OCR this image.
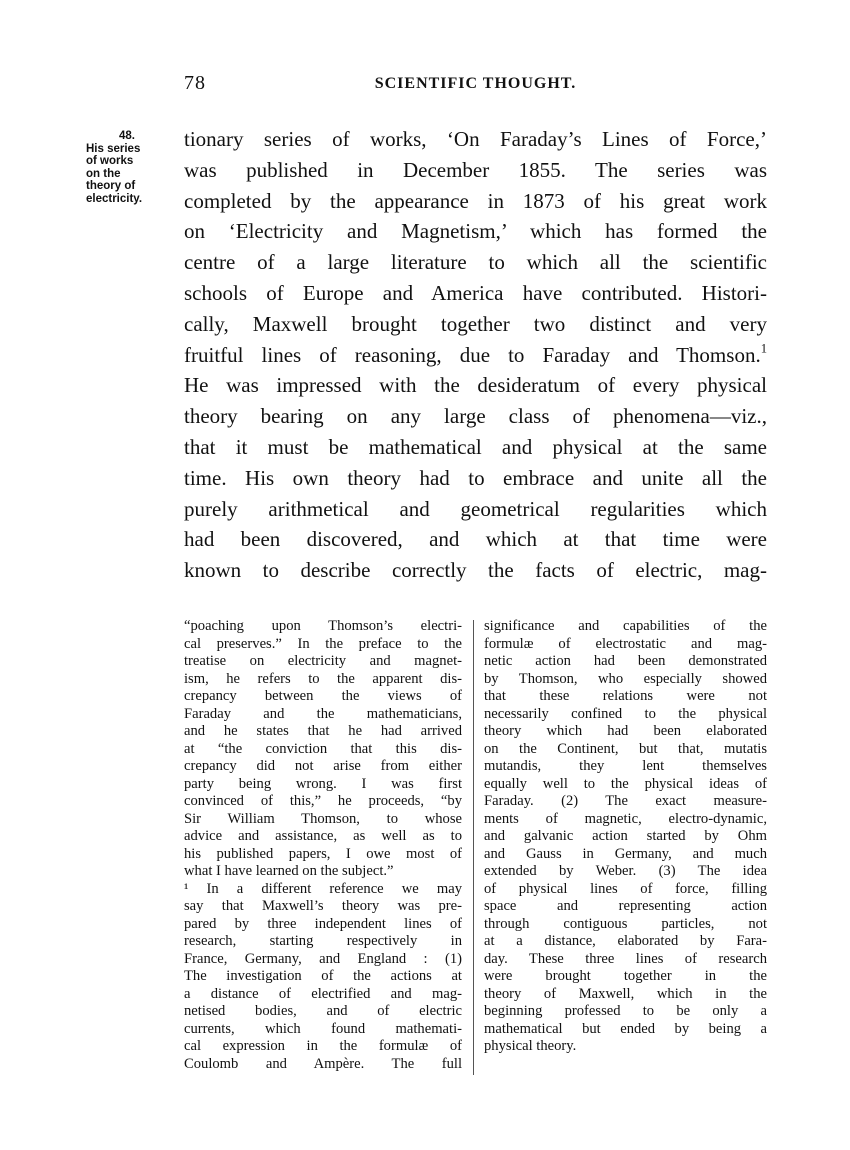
78	SCIENTIFIC THOUGHT.
48.
His series
of works
on the
theory of
electricity.
tionary series of works, ‘On Faraday’s Lines of Force,’
was published in December 1855. The series was
completed by the appearance in 1873 of his great work
on ‘Electricity and Magnetism,’ which has formed the
centre of a large literature to which all the scientific
schools of Europe and America have contributed. Histori-
cally, Maxwell brought together two distinct and very
fruitful lines of reasoning, due to Faraday and Thomson.$^1$
He was impressed with the desideratum of every physical
theory bearing on any large class of phenomena—viz.,
that it must be mathematical and physical at the same
time. His own theory had to embrace and unite all the
purely arithmetical and geometrical regularities which
had been discovered, and which at that time were
known to describe correctly the facts of electric, mag-
“poaching upon Thomson’s electri-
cal preserves.” In the preface to the
treatise on electricity and magnet-
ism, he refers to the apparent dis-
crepancy between the views of
Faraday and the mathematicians,
and he states that he had arrived
at “the conviction that this dis-
crepancy did not arise from either
party being wrong. I was first
convinced of this,” he proceeds, “by
Sir William Thomson, to whose
advice and assistance, as well as to
his published papers, I owe most of
what I have learned on the subject.”
¹ In a different reference we may
say that Maxwell’s theory was pre-
pared by three independent lines of
research, starting respectively in
France, Germany, and England : (1)
The investigation of the actions at
a distance of electrified and mag-
netised bodies, and of electric
currents, which found mathemati-
cal expression in the formulæ of
Coulomb and Ampère. The full
significance and capabilities of the
formulæ of electrostatic and mag-
netic action had been demonstrated
by Thomson, who especially showed
that these relations were not
necessarily confined to the physical
theory which had been elaborated
on the Continent, but that, mutatis
mutandis, they lent themselves
equally well to the physical ideas of
Faraday. (2) The exact measure-
ments of magnetic, electro-dynamic,
and galvanic action started by Ohm
and Gauss in Germany, and much
extended by Weber. (3) The idea
of physical lines of force, filling
space and representing action
through contiguous particles, not
at a distance, elaborated by Fara-
day. These three lines of research
were brought together in the
theory of Maxwell, which in the
beginning professed to be only a
mathematical but ended by being a
physical theory.
